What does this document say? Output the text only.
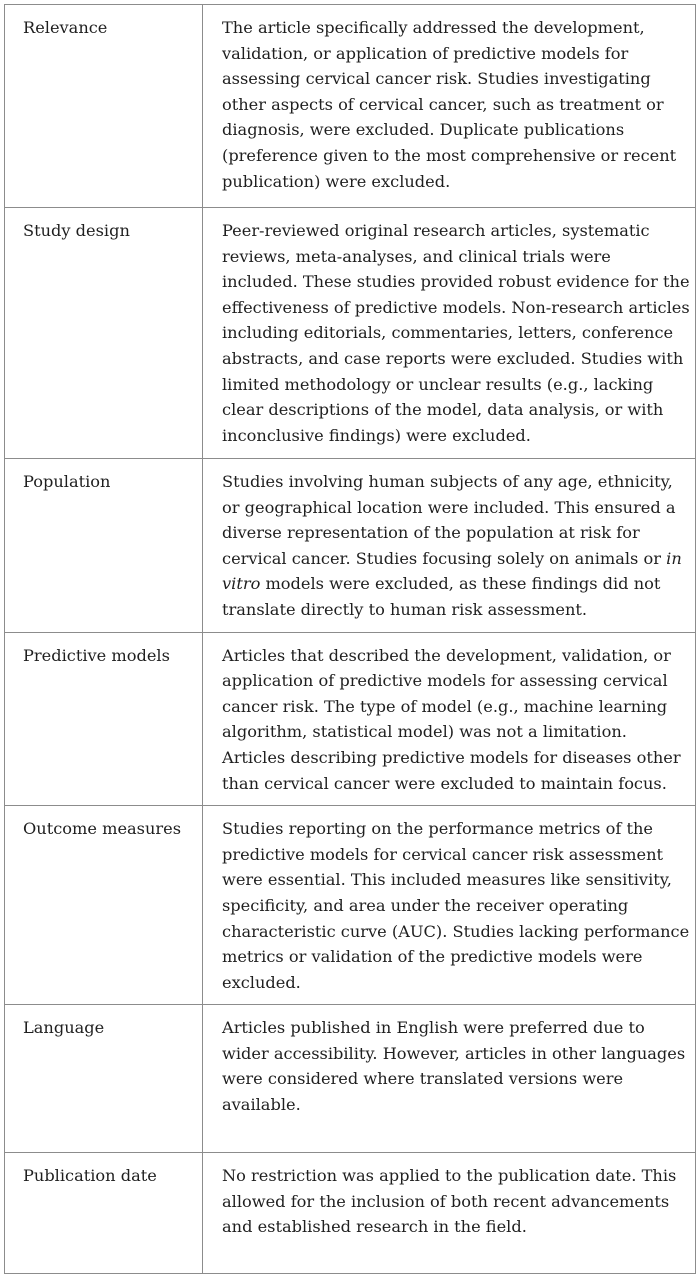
Relevance	The article specifically addressed the development, validation, or application of predictive models for assessing cervical cancer risk. Studies investigating other aspects of cervical cancer, such as treatment or diagnosis, were excluded. Duplicate publications (preference given to the most comprehensive or recent publication) were excluded.
Study design	Peer-reviewed original research articles, systematic reviews, meta-analyses, and clinical trials were included. These studies provided robust evidence for the effectiveness of predictive models. Non-research articles including editorials, commentaries, letters, conference abstracts, and case reports were excluded. Studies with limited methodology or unclear results (e.g., lacking clear descriptions of the model, data analysis, or with inconclusive findings) were excluded.
Population	Studies involving human subjects of any age, ethnicity, or geographical location were included. This ensured a diverse representation of the population at risk for cervical cancer. Studies focusing solely on animals or in vitro models were excluded, as these findings did not translate directly to human risk assessment.
Predictive models	Articles that described the development, validation, or application of predictive models for assessing cervical cancer risk. The type of model (e.g., machine learning algorithm, statistical model) was not a limitation. Articles describing predictive models for diseases other than cervical cancer were excluded to maintain focus.
Outcome measures	Studies reporting on the performance metrics of the predictive models for cervical cancer risk assessment were essential. This included measures like sensitivity, specificity, and area under the receiver operating characteristic curve (AUC). Studies lacking performance metrics or validation of the predictive models were excluded.
Language	Articles published in English were preferred due to wider accessibility. However, articles in other languages were considered where translated versions were available.
Publication date	No restriction was applied to the publication date. This allowed for the inclusion of both recent advancements and established research in the field.
